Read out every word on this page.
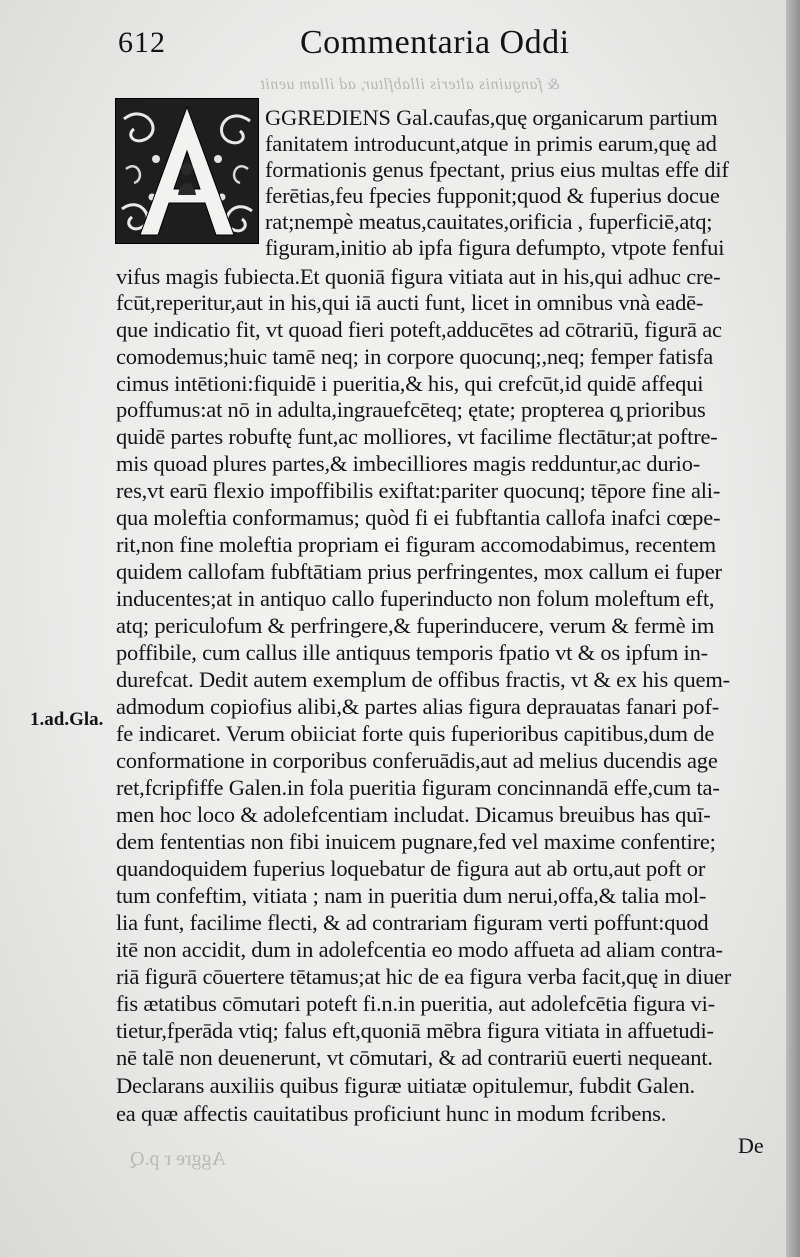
612	Commentaria Oddi
& fanguinis alteris illabfltur, ad illam uenit
GGREDIENS Gal.caufas,quę organicarum partium
fanitatem introducunt,atque in primis earum,quę ad
formationis genus fpectant, prius eius multas effe dif
ferētias,feu fpecies fupponit;quod & fuperius docue
rat;nempè meatus,cauitates,orificia , fuperficiē,atq;
figuram,initio ab ipfa figura defumpto, vtpote fenfui
vifus magis fubiecta.Et quoniā figura vitiata aut in his,qui adhuc cre-
fcūt,reperitur,aut in his,qui iā aucti funt, licet in omnibus vnà eadē-
que indicatio fit, vt quoad fieri poteft,adducētes ad cōtrariū, figurā ac
comodemus;huic tamē neq; in corpore quocunq;,neq; femper fatisfa
cimus intētioni:fiquidē i pueritia,& his, qui crefcūt,id quidē affequi
poffumus:at nō in adulta,ingrauefcēteq; ętate; propterea q̧ prioribus
quidē partes robuftę funt,ac molliores, vt facilime flectātur;at poftre-
mis quoad plures partes,& imbecilliores magis redduntur,ac durio-
res,vt earū flexio impoffibilis exiftat:pariter quocunq; tēpore fine ali-
qua moleftia conformamus; quòd fi ei fubftantia callofa inafci cœpe-
rit,non fine moleftia propriam ei figuram accomodabimus, recentem
quidem callofam fubftātiam prius perfringentes, mox callum ei fuper
inducentes;at in antiquo callo fuperinducto non folum moleftum eft,
atq; periculofum & perfringere,& fuperinducere, verum & fermè im
poffibile, cum callus ille antiquus temporis fpatio vt & os ipfum in-
durefcat. Dedit autem exemplum de offibus fractis, vt & ex his quem-
admodum copiofius alibi,& partes alias figura deprauatas fanari pof-
fe indicaret. Verum obiiciat forte quis fuperioribus capitibus,dum de
conformatione in corporibus conferuādis,aut ad melius ducendis age
ret,fcripfiffe Galen.in fola pueritia figuram concinnandā effe,cum ta-
men hoc loco & adolefcentiam includat. Dicamus breuibus has quī-
dem fententias non fibi inuicem pugnare,fed vel maxime confentire;
quandoquidem fuperius loquebatur de figura aut ab ortu,aut poft or
tum confeftim, vitiata ; nam in pueritia dum nerui,offa,& talia mol-
lia funt, facilime flecti, & ad contrariam figuram verti poffunt:quod
itē non accidit, dum in adolefcentia eo modo affueta ad aliam contra-
riā figurā cōuertere tētamus;at hic de ea figura verba facit,quę in diuer
fis ætatibus cōmutari poteft fi.n.in pueritia, aut adolefcētia figura vi-
tietur,fperāda vtiq; falus eft,quoniā mēbra figura vitiata in affuetudi-
nē talē non deuenerunt, vt cōmutari, & ad contrariū euerti nequeant.
Declarans auxiliis quibus figuræ uitiatæ opitulemur, fubdit Galen.
ea quæ affectis cauitatibus proficiunt hunc in modum fcribens.
1.ad.Gla.
De
Aggre r p.Q
